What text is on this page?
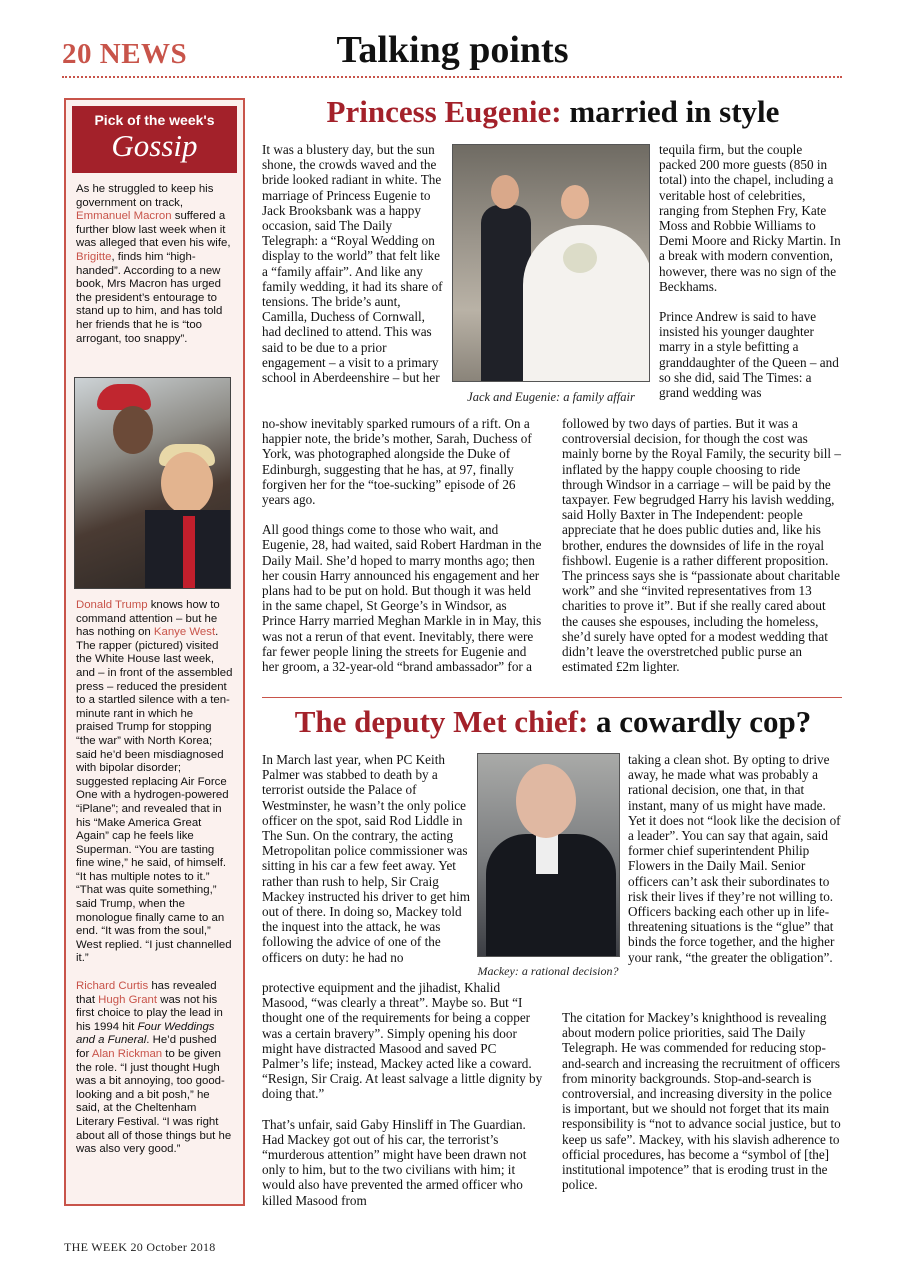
20 NEWS	Talking points
Pick of the week's
Gossip
As he struggled to keep his government on track, Emmanuel Macron suffered a further blow last week when it was alleged that even his wife, Brigitte, finds him “high-handed”. According to a new book, Mrs Macron has urged the president’s entourage to stand up to him, and has told her friends that he is “too arrogant, too snappy”.
Donald Trump knows how to command attention – but he has nothing on Kanye West. The rapper (pictured) visited the White House last week, and – in front of the assembled press – reduced the president to a startled silence with a ten-minute rant in which he praised Trump for stopping “the war” with North Korea; said he’d been misdiagnosed with bipolar disorder; suggested replacing Air Force One with a hydrogen-powered “iPlane”; and revealed that in his “Make America Great Again” cap he feels like Superman. “You are tasting fine wine,” he said, of himself. “It has multiple notes to it.” “That was quite something,” said Trump, when the monologue finally came to an end. “It was from the soul,” West replied. “I just channelled it.”
Richard Curtis has revealed that Hugh Grant was not his first choice to play the lead in his 1994 hit Four Weddings and a Funeral. He’d pushed for Alan Rickman to be given the role. “I just thought Hugh was a bit annoying, too good-looking and a bit posh,” he said, at the Cheltenham Literary Festival. “I was right about all of those things but he was also very good.”
Princess Eugenie: married in style
It was a blustery day, but the sun shone, the crowds waved and the bride looked radiant in white. The marriage of Princess Eugenie to Jack Brooksbank was a happy occasion, said The Daily Telegraph: a “Royal Wedding on display to the world” that felt like a “family affair”. And like any family wedding, it had its share of tensions. The bride’s aunt, Camilla, Duchess of Cornwall, had declined to attend. This was said to be due to a prior engagement – a visit to a primary school in Aberdeenshire – but her
Jack and Eugenie: a family affair

tequila firm, but the couple packed 200 more guests (850 in total) into the chapel, including a veritable host of celebrities, ranging from Stephen Fry, Kate Moss and Robbie Williams to Demi Moore and Ricky Martin. In a break with modern convention, however, there was no sign of the Beckhams.

Prince Andrew is said to have insisted his younger daughter marry in a style befitting a granddaughter of the Queen – and so she did, said The Times: a grand wedding was

no-show inevitably sparked rumours of a rift. On a happier note, the bride’s mother, Sarah, Duchess of York, was photographed alongside the Duke of Edinburgh, suggesting that he has, at 97, finally forgiven her for the “toe-sucking” episode of 26 years ago.

All good things come to those who wait, and Eugenie, 28, had waited, said Robert Hardman in the Daily Mail. She’d hoped to marry months ago; then her cousin Harry announced his engagement and her plans had to be put on hold. But though it was held in the same chapel, St George’s in Windsor, as Prince Harry married Meghan Markle in in May, this was not a rerun of that event. Inevitably, there were far fewer people lining the streets for Eugenie and her groom, a 32-year-old “brand ambassador” for a

followed by two days of parties. But it was a controversial decision, for though the cost was mainly borne by the Royal Family, the security bill – inflated by the happy couple choosing to ride through Windsor in a carriage – will be paid by the taxpayer. Few begrudged Harry his lavish wedding, said Holly Baxter in The Independent: people appreciate that he does public duties and, like his brother, endures the downsides of life in the royal fishbowl. Eugenie is a rather different proposition. The princess says she is “passionate about charitable work” and she “invited representatives from 13 charities to prove it”. But if she really cared about the causes she espouses, including the homeless, she’d surely have opted for a modest wedding that didn’t leave the overstretched public purse an estimated £2m lighter.
The deputy Met chief: a cowardly cop?
In March last year, when PC Keith Palmer was stabbed to death by a terrorist outside the Palace of Westminster, he wasn’t the only police officer on the spot, said Rod Liddle in The Sun. On the contrary, the acting Metropolitan police commissioner was sitting in his car a few feet away. Yet rather than rush to help, Sir Craig Mackey instructed his driver to get him out of there. In doing so, Mackey told the inquest into the attack, he was following the advice of one of the officers on duty: he had no
Mackey: a rational decision?
taking a clean shot. By opting to drive away, he made what was probably a rational decision, one that, in that instant, many of us might have made. Yet it does not “look like the decision of a leader”. You can say that again, said former chief superintendent Philip Flowers in the Daily Mail. Senior officers can’t ask their subordinates to risk their lives if they’re not willing to. Officers backing each other up in life-threatening situations is the “glue” that binds the force together, and the higher your rank, “the greater the obligation”.

protective equipment and the jihadist, Khalid Masood, “was clearly a threat”. Maybe so. But “I thought one of the requirements for being a copper was a certain bravery”. Simply opening his door might have distracted Masood and saved PC Palmer’s life; instead, Mackey acted like a coward. “Resign, Sir Craig. At least salvage a little dignity by doing that.”

That’s unfair, said Gaby Hinsliff in The Guardian. Had Mackey got out of his car, the terrorist’s “murderous attention” might have been drawn not only to him, but to the two civilians with him; it would also have prevented the armed officer who killed Masood from

The citation for Mackey’s knighthood is revealing about modern police priorities, said The Daily Telegraph. He was commended for reducing stop-and-search and increasing the recruitment of officers from minority backgrounds. Stop-and-search is controversial, and increasing diversity in the police is important, but we should not forget that its main responsibility is “not to advance social justice, but to keep us safe”. Mackey, with his slavish adherence to official procedures, has become a “symbol of [the] institutional impotence” that is eroding trust in the police.
THE WEEK 20 October 2018
